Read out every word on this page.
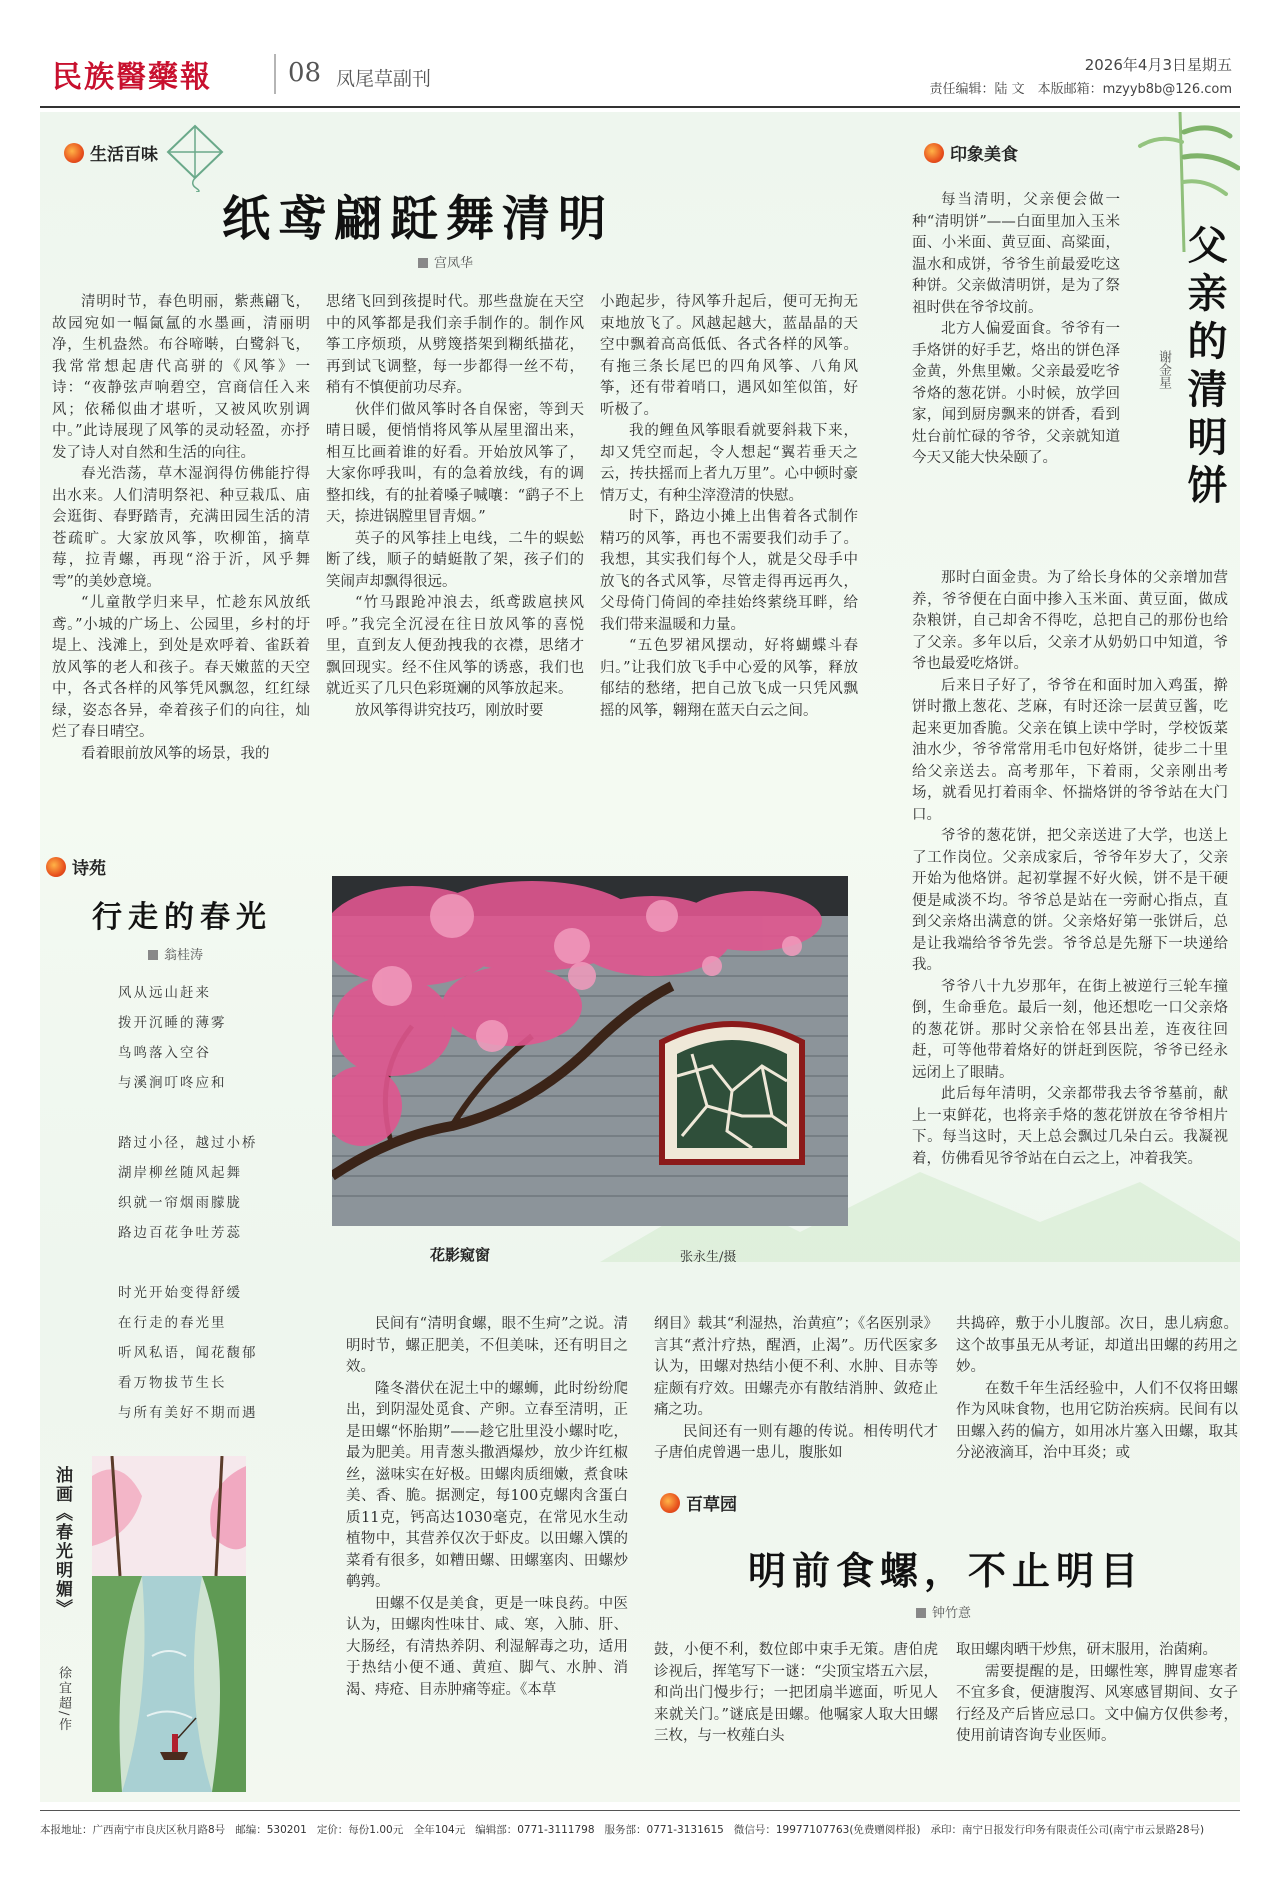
民族醫藥報	08 凤尾草副刊
2026年4月3日星期五
责任编辑：陆 文　本版邮箱：mzyyb8b@126.com
生活百味
纸鸢翩跹舞清明
宫凤华

清明时节，春色明丽，紫燕翩飞，故园宛如一幅氤氲的水墨画，清丽明净，生机盎然。布谷啼啭，白鹭斜飞，我常常想起唐代高骈的《风筝》一诗：“夜静弦声响碧空，宫商信任入来风；依稀似曲才堪听，又被风吹别调中。”此诗展现了风筝的灵动轻盈，亦抒发了诗人对自然和生活的向往。

春光浩荡，草木湿润得仿佛能拧得出水来。人们清明祭祀、种豆栽瓜、庙会逛街、春野踏青，充满田园生活的清苍疏旷。大家放风筝，吹柳笛，摘草莓，拉青螺，再现“浴于沂，风乎舞雩”的美妙意境。

“儿童散学归来早，忙趁东风放纸鸢。”小城的广场上、公园里，乡村的圩堤上、浅滩上，到处是欢呼着、雀跃着放风筝的老人和孩子。春天嫩蓝的天空中，各式各样的风筝凭风飘忽，红红绿绿，姿态各异，牵着孩子们的向往，灿烂了春日晴空。

看着眼前放风筝的场景，我的

思绪飞回到孩提时代。那些盘旋在天空中的风筝都是我们亲手制作的。制作风筝工序烦琐，从劈篾搭架到糊纸描花，再到试飞调整，每一步都得一丝不苟，稍有不慎便前功尽弃。

伙伴们做风筝时各自保密，等到天晴日暖，便悄悄将风筝从屋里溜出来，相互比画着谁的好看。开始放风筝了，大家你呼我叫，有的急着放线，有的调整扣线，有的扯着嗓子喊嚷：“鹞子不上天，捺进锅膛里冒青烟。”

英子的风筝挂上电线，二牛的蜈蚣断了线，顺子的蜻蜓散了架，孩子们的笑闹声却飘得很远。

“竹马跟跄冲浪去，纸鸢跋扈挟风呼。”我完全沉浸在往日放风筝的喜悦里，直到友人便劲拽我的衣襟，思绪才飘回现实。经不住风筝的诱惑，我们也就近买了几只色彩斑斓的风筝放起来。

放风筝得讲究技巧，刚放时要

小跑起步，待风筝升起后，便可无拘无束地放飞了。风越起越大，蓝晶晶的天空中飘着高高低低、各式各样的风筝。有拖三条长尾巴的四角风筝、八角风筝，还有带着哨口，遇风如笙似笛，好听极了。

我的鲤鱼风筝眼看就要斜栽下来，却又凭空而起，令人想起“翼若垂天之云，抟扶摇而上者九万里”。心中顿时豪情万丈，有种尘滓澄清的快慰。

时下，路边小摊上出售着各式制作精巧的风筝，再也不需要我们动手了。我想，其实我们每个人，就是父母手中放飞的各式风筝，尽管走得再远再久，父母倚门倚闾的牵挂始终萦绕耳畔，给我们带来温暖和力量。

“五色罗裙风摆动，好将蝴蝶斗春归。”让我们放飞手中心爱的风筝，释放郁结的愁绪，把自己放飞成一只凭风飘摇的风筝，翱翔在蓝天白云之间。

诗苑
行走的春光
翁桂涛
风从远山赶来
拨开沉睡的薄雾
鸟鸣落入空谷
与溪涧叮咚应和
踏过小径，越过小桥
湖岸柳丝随风起舞
织就一帘烟雨朦胧
路边百花争吐芳蕊
时光开始变得舒缓
在行走的春光里
听风私语，闻花馥郁
看万物拔节生长
与所有美好不期而遇
花影窥窗	张永生/摄
印象美食
父亲的清明饼
谢金星

每当清明，父亲便会做一种“清明饼”——白面里加入玉米面、小米面、黄豆面、高粱面，温水和成饼，爷爷生前最爱吃这种饼。父亲做清明饼，是为了祭祖时供在爷爷坟前。

北方人偏爱面食。爷爷有一手烙饼的好手艺，烙出的饼色泽金黄，外焦里嫩。父亲最爱吃爷爷烙的葱花饼。小时候，放学回家，闻到厨房飘来的饼香，看到灶台前忙碌的爷爷，父亲就知道今天又能大快朵颐了。

那时白面金贵。为了给长身体的父亲增加营养，爷爷便在白面中掺入玉米面、黄豆面，做成杂粮饼，自己却舍不得吃，总把自己的那份也给了父亲。多年以后，父亲才从奶奶口中知道，爷爷也最爱吃烙饼。

后来日子好了，爷爷在和面时加入鸡蛋，擀饼时撒上葱花、芝麻，有时还涂一层黄豆酱，吃起来更加香脆。父亲在镇上读中学时，学校饭菜油水少，爷爷常常用毛巾包好烙饼，徒步二十里给父亲送去。高考那年，下着雨，父亲刚出考场，就看见打着雨伞、怀揣烙饼的爷爷站在大门口。

爷爷的葱花饼，把父亲送进了大学，也送上了工作岗位。父亲成家后，爷爷年岁大了，父亲开始为他烙饼。起初掌握不好火候，饼不是干硬便是咸淡不均。爷爷总是站在一旁耐心指点，直到父亲烙出满意的饼。父亲烙好第一张饼后，总是让我端给爷爷先尝。爷爷总是先掰下一块递给我。

爷爷八十九岁那年，在街上被逆行三轮车撞倒，生命垂危。最后一刻，他还想吃一口父亲烙的葱花饼。那时父亲恰在邻县出差，连夜往回赶，可等他带着烙好的饼赶到医院，爷爷已经永远闭上了眼睛。

此后每年清明，父亲都带我去爷爷墓前，献上一束鲜花，也将亲手烙的葱花饼放在爷爷相片下。每当这时，天上总会飘过几朵白云。我凝视着，仿佛看见爷爷站在白云之上，冲着我笑。

油画《春光明媚》
徐宜超/作

民间有“清明食螺，眼不生疴”之说。清明时节，螺正肥美，不但美味，还有明目之效。

隆冬潜伏在泥土中的螺蛳，此时纷纷爬出，到阴湿处觅食、产卵。立春至清明，正是田螺“怀胎期”——趁它肚里没小螺时吃，最为肥美。用青葱头撒酒爆炒，放少许红椒丝，滋味实在好极。田螺肉质细嫩，煮食味美、香、脆。据测定，每100克螺肉含蛋白质11克，钙高达1030毫克，在常见水生动植物中，其营养仅次于虾皮。以田螺入馔的菜肴有很多，如糟田螺、田螺塞肉、田螺炒鹌鹑。

田螺不仅是美食，更是一味良药。中医认为，田螺肉性味甘、咸、寒，入肺、肝、大肠经，有清热养阴、利湿解毒之功，适用于热结小便不通、黄疸、脚气、水肿、消渴、痔疮、目赤肿痛等症。《本草

纲目》载其“利湿热，治黄疸”；《名医别录》言其“煮汁疗热，醒酒，止渴”。历代医家多认为，田螺对热结小便不利、水肿、目赤等症颇有疗效。田螺壳亦有散结消肿、敛疮止痛之功。

民间还有一则有趣的传说。相传明代才子唐伯虎曾遇一患儿，腹胀如

共捣碎，敷于小儿腹部。次日，患儿病愈。这个故事虽无从考证，却道出田螺的药用之妙。

在数千年生活经验中，人们不仅将田螺作为风味食物，也用它防治疾病。民间有以田螺入药的偏方，如用冰片塞入田螺，取其分泌液滴耳，治中耳炎；或

百草园
明前食螺，不止明目
钟竹意

鼓，小便不利，数位郎中束手无策。唐伯虎诊视后，挥笔写下一谜：“尖顶宝塔五六层，和尚出门慢步行；一把团扇半遮面，听见人来就关门。”谜底是田螺。他嘱家人取大田螺三枚，与一枚薤白头

取田螺肉晒干炒焦，研末服用，治菌痢。

需要提醒的是，田螺性寒，脾胃虚寒者不宜多食，便溏腹泻、风寒感冒期间、女子行经及产后皆应忌口。文中偏方仅供参考，使用前请咨询专业医师。

本报地址：广西南宁市良庆区秋月路8号 邮编：530201 定价：每份1.00元　全年104元 编辑部：0771-3111798 服务部：0771-3131615 微信号：19977107763(免费赠阅样报) 承印：南宁日报发行印务有限责任公司(南宁市云景路28号)
